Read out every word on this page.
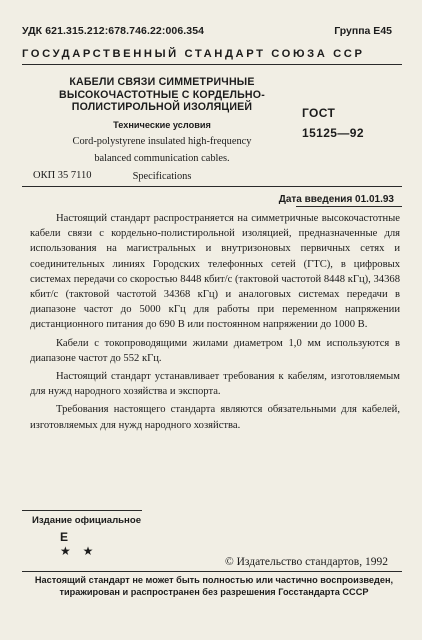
УДК 621.315.212:678.746.22:006.354	Группа Е45
ГОСУДАРСТВЕННЫЙ СТАНДАРТ СОЮЗА ССР
КАБЕЛИ СВЯЗИ СИММЕТРИЧНЫЕ
ВЫСОКОЧАСТОТНЫЕ С КОРДЕЛЬНО-
ПОЛИСТИРОЛЬНОЙ ИЗОЛЯЦИЕЙ
Технические условия
Cord-polystyrene insulated high-frequency
balanced communication cables.
Specifications
ГОСТ
15125—92
ОКП 35 7110
Дата введения 01.01.93

Настоящий стандарт распространяется на симметричные высокочастотные кабели связи с кордельно-полистирольной изоляцией, предназначенные для использования на магистральных и внутризоновых первичных сетях и соединительных линиях Городских телефонных сетей (ГТС), в цифровых системах передачи со скоростью 8448 кбит/с (тактовой частотой 8448 кГц), 34368 кбит/с (тактовой частотой 34368 кГц) и аналоговых системах передачи в диапазоне частот до 5000 кГц для работы при переменном напряжении дистанционного питания до 690 В или постоянном напряжении до 1000 В.

Кабели с токопроводящими жилами диаметром 1,0 мм используются в диапазоне частот до 552 кГц.

Настоящий стандарт устанавливает требования к кабелям, изготовляемым для нужд народного хозяйства и экспорта.

Требования настоящего стандарта являются обязательными для кабелей, изготовляемых для нужд народного хозяйства.

Издание официальное
Е
★ ★
© Издательство стандартов, 1992
Настоящий стандарт не может быть полностью или частично воспроизведен,
тиражирован и распространен без разрешения Госстандарта СССР
